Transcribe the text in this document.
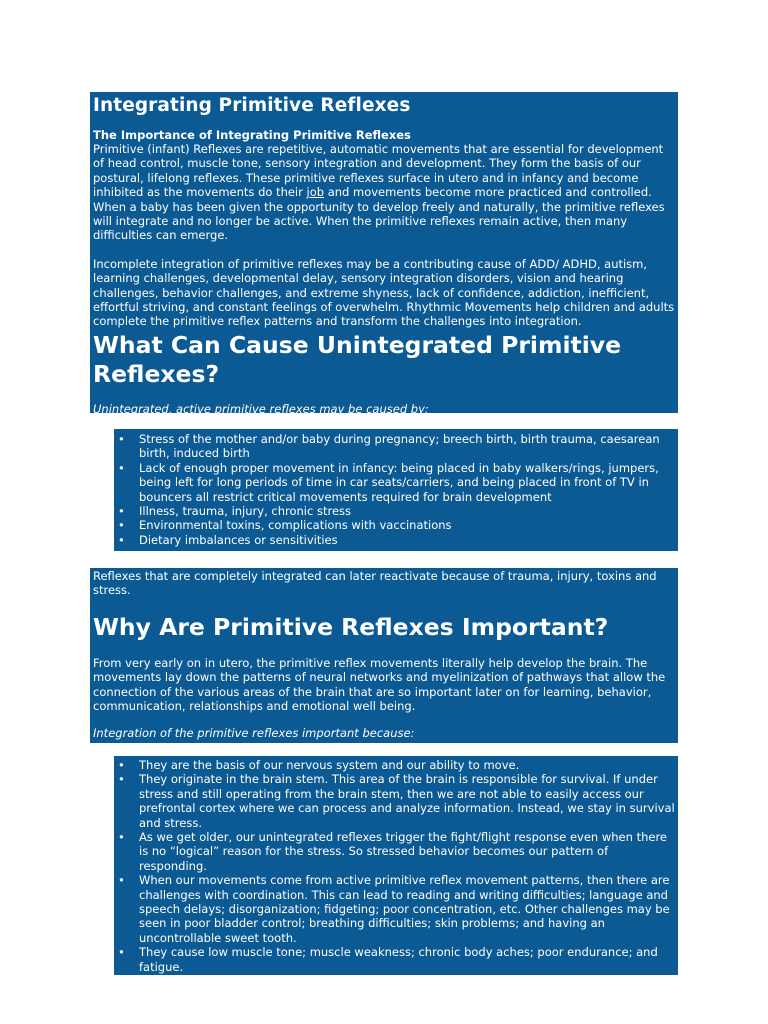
Integrating Primitive Reflexes
The Importance of Integrating Primitive Reflexes

Primitive (infant) Reflexes are repetitive, automatic movements that are essential for development of head control, muscle tone, sensory integration and development. They form the basis of our postural, lifelong reflexes. These primitive reflexes surface in utero and in infancy and become inhibited as the movements do their job and movements become more practiced and controlled. When a baby has been given the opportunity to develop freely and naturally, the primitive reflexes will integrate and no longer be active. When the primitive reflexes remain active, then many difficulties can emerge.

Incomplete integration of primitive reflexes may be a contributing cause of ADD/ ADHD, autism, learning challenges, developmental delay, sensory integration disorders, vision and hearing challenges, behavior challenges, and extreme shyness, lack of confidence, addiction, inefficient, effortful striving, and constant feelings of overwhelm. Rhythmic Movements help children and adults complete the primitive reflex patterns and transform the challenges into integration.

What Can Cause Unintegrated Primitive Reflexes?
Unintegrated, active primitive reflexes may be caused by:
• Stress of the mother and/or baby during pregnancy; breech birth, birth trauma, caesarean birth, induced birth
• Lack of enough proper movement in infancy: being placed in baby walkers/rings, jumpers, being left for long periods of time in car seats/carriers, and being placed in front of TV in bouncers all restrict critical movements required for brain development
• Illness, trauma, injury, chronic stress
• Environmental toxins, complications with vaccinations
• Dietary imbalances or sensitivities

Reflexes that are completely integrated can later reactivate because of trauma, injury, toxins and stress.

Why Are Primitive Reflexes Important?

From very early on in utero, the primitive reflex movements literally help develop the brain. The movements lay down the patterns of neural networks and myelinization of pathways that allow the connection of the various areas of the brain that are so important later on for learning, behavior, communication, relationships and emotional well being.

Integration of the primitive reflexes important because:
• They are the basis of our nervous system and our ability to move.
• They originate in the brain stem. This area of the brain is responsible for survival. If under stress and still operating from the brain stem, then we are not able to easily access our prefrontal cortex where we can process and analyze information. Instead, we stay in survival and stress.
• As we get older, our unintegrated reflexes trigger the fight/flight response even when there is no “logical” reason for the stress. So stressed behavior becomes our pattern of responding.
• When our movements come from active primitive reflex movement patterns, then there are challenges with coordination. This can lead to reading and writing difficulties; language and speech delays; disorganization; fidgeting; poor concentration, etc. Other challenges may be seen in poor bladder control; breathing difficulties; skin problems; and having an uncontrollable sweet tooth.
• They cause low muscle tone; muscle weakness; chronic body aches; poor endurance; and fatigue.
